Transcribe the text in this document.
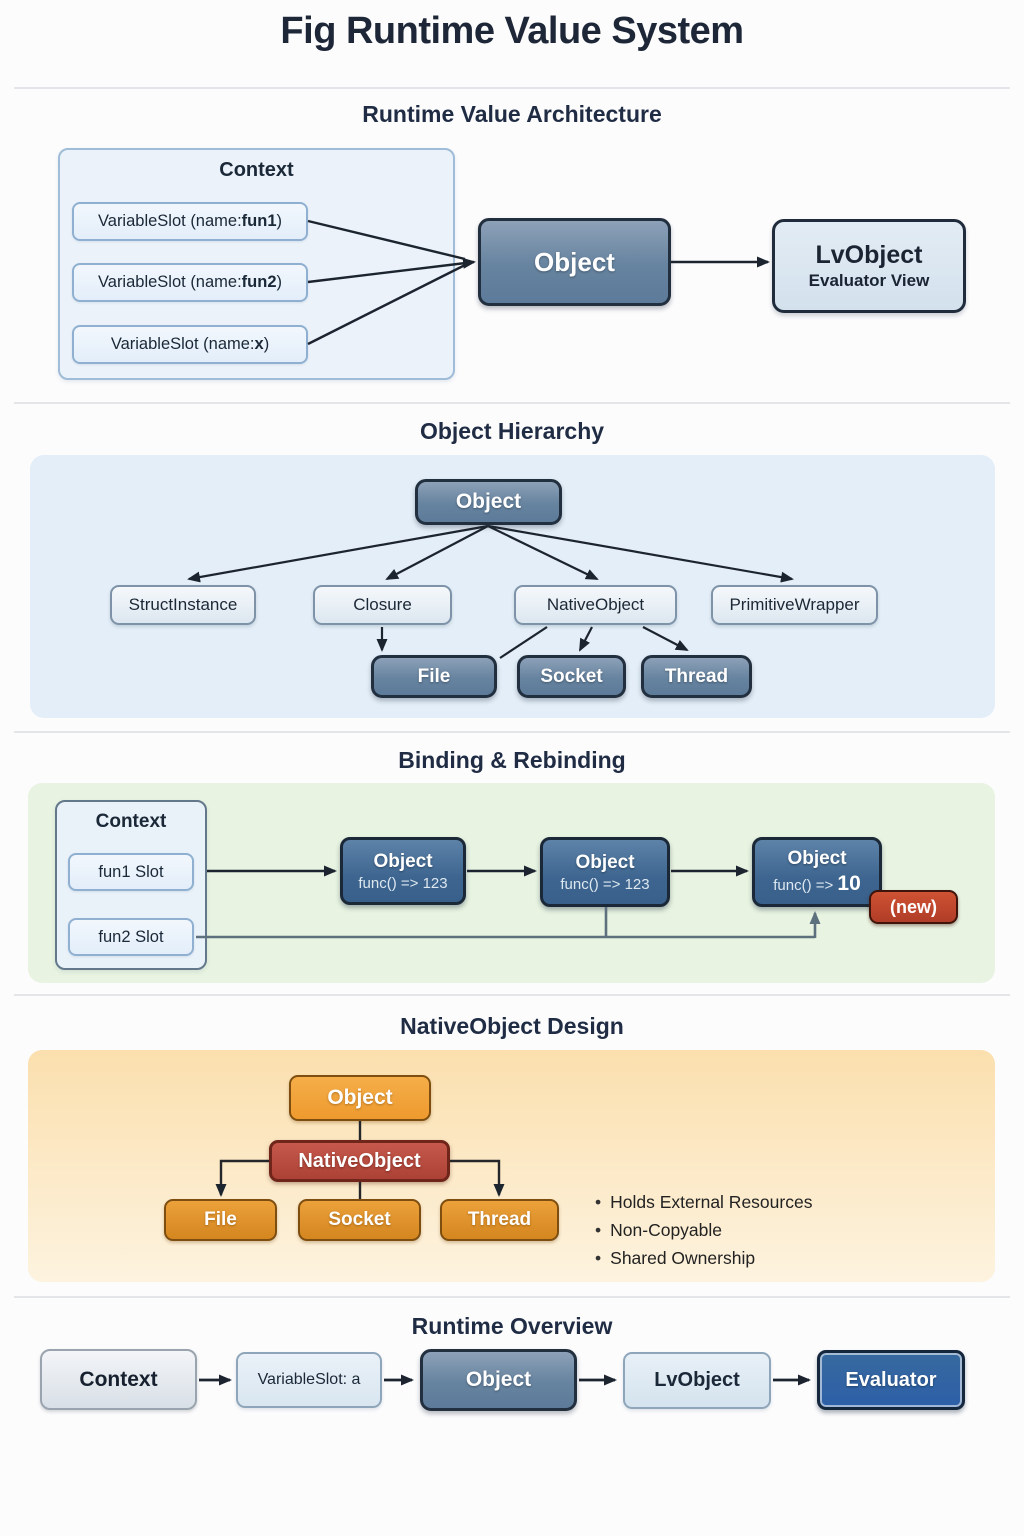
Fig Runtime Value System
Runtime Value Architecture
Context
VariableSlot (name: fun1 )
VariableSlot (name: fun2 )
VariableSlot (name: x )
Object	LvObject
Evaluator View
Object Hierarchy
Object
StructInstance	Closure	NativeObject	PrimitiveWrapper
File	Socket	Thread
Binding & Rebinding
Context
fun1 Slot
fun2 Slot
Object
func() => 123
Object
func() => 123
Object
func() => 10
(new)
NativeObject Design
Object
NativeObject
File	Socket	Thread
• Holds External Resources
• Non-Copyable
• Shared Ownership
Runtime Overview
Context	VariableSlot: a	Object	LvObject	Evaluator
